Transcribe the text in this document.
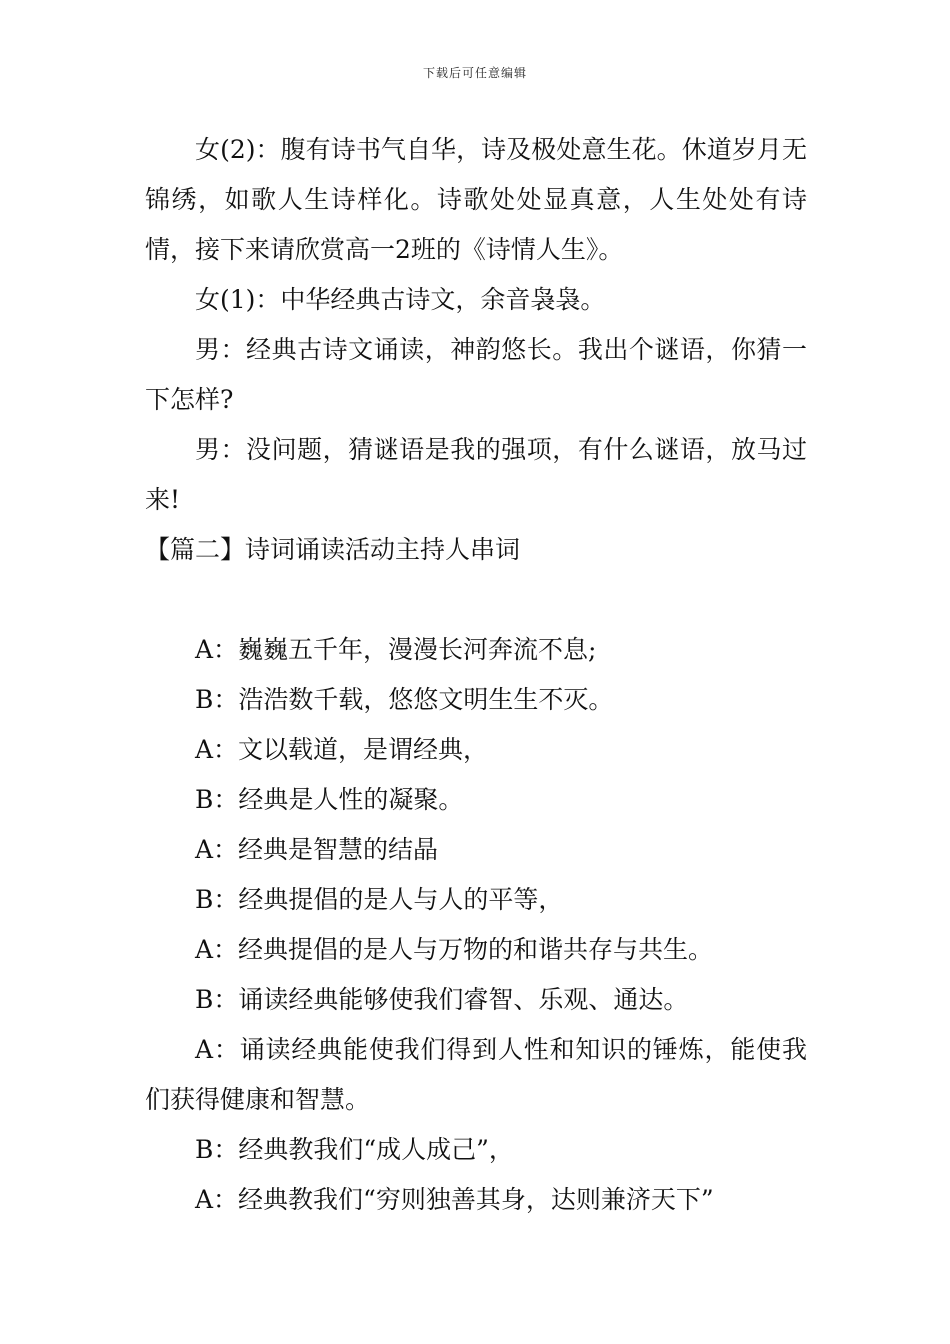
下载后可任意编辑

女(2)：腹有诗书气自华，诗及极处意生花。休道岁月无锦绣，如歌人生诗样化。诗歌处处显真意，人生处处有诗情，接下来请欣赏高一2班的《诗情人生》。

女(1)：中华经典古诗文，余音袅袅。

男：经典古诗文诵读，神韵悠长。我出个谜语，你猜一下怎样?

男：没问题，猜谜语是我的强项，有什么谜语，放马过来!

【篇二】诗词诵读活动主持人串词

A：巍巍五千年，漫漫长河奔流不息;

B：浩浩数千载，悠悠文明生生不灭。

A：文以载道，是谓经典，

B：经典是人性的凝聚。

A：经典是智慧的结晶

B：经典提倡的是人与人的平等，

A：经典提倡的是人与万物的和谐共存与共生。

B：诵读经典能够使我们睿智、乐观、通达。

A：诵读经典能使我们得到人性和知识的锤炼，能使我们获得健康和智慧。

B：经典教我们“成人成己”，

A：经典教我们“穷则独善其身，达则兼济天下”
